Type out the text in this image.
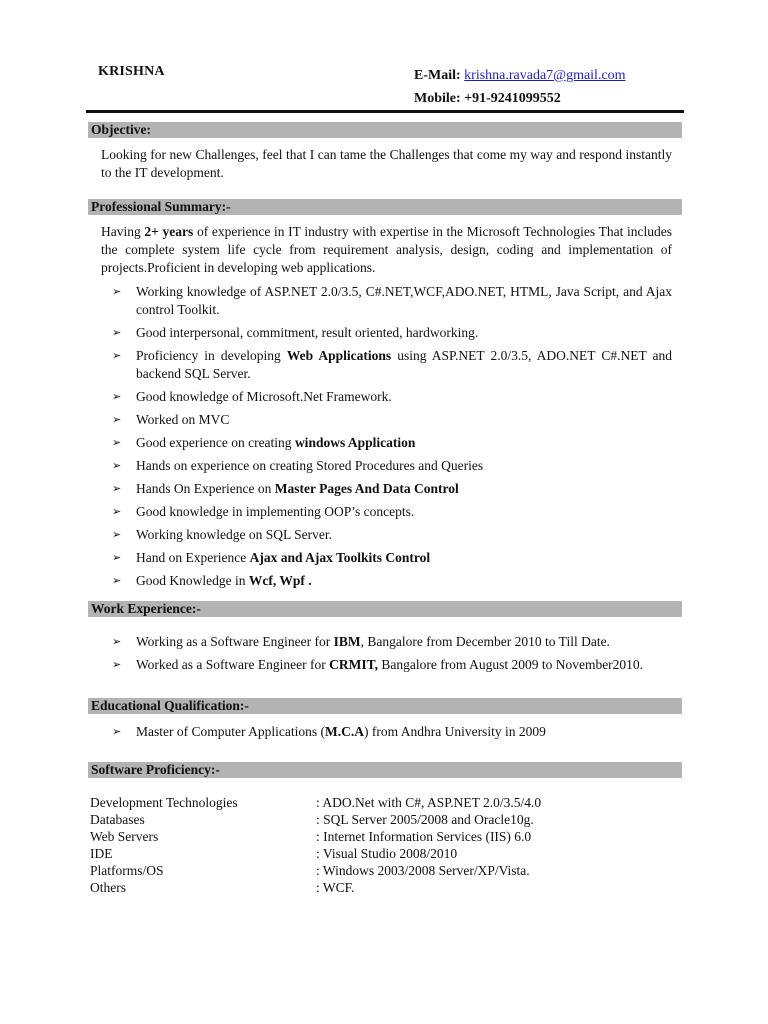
KRISHNA	E-Mail: krishna.ravada7@gmail.com
Mobile: +91-9241099552
Objective:
Looking for new Challenges, feel that I can tame the Challenges that come my way and respond instantly to the IT development.
Professional Summary:-
Having 2+ years of experience in IT industry with expertise in the Microsoft Technologies That includes the complete system life cycle from requirement analysis, design, coding and implementation of projects.Proficient in developing web applications.
➢ Working knowledge of ASP.NET 2.0/3.5, C#.NET,WCF,ADO.NET, HTML, Java Script, and Ajax control Toolkit.
➢ Good interpersonal, commitment, result oriented, hardworking.
➢ Proficiency in developing Web Applications using ASP.NET 2.0/3.5, ADO.NET C#.NET and backend SQL Server.
➢ Good knowledge of Microsoft.Net Framework.
➢ Worked on MVC
➢ Good experience on creating windows Application
➢ Hands on experience on creating Stored Procedures and Queries
➢ Hands On Experience on Master Pages And Data Control
➢ Good knowledge in implementing OOP’s concepts.
➢ Working knowledge on SQL Server.
➢ Hand on Experience Ajax and Ajax Toolkits Control
➢ Good Knowledge in Wcf, Wpf .
Work Experience:-
➢ Working as a Software Engineer for IBM, Bangalore from December 2010 to Till Date.
➢ Worked as a Software Engineer for CRMIT, Bangalore from August 2009 to November2010.
Educational Qualification:-
➢ Master of Computer Applications (M.C.A) from Andhra University in 2009
Software Proficiency:-
Development Technologies	: ADO.Net with C#, ASP.NET 2.0/3.5/4.0
Databases	: SQL Server 2005/2008 and Oracle10g.
Web Servers	: Internet Information Services (IIS) 6.0
IDE	: Visual Studio 2008/2010
Platforms/OS	: Windows 2003/2008 Server/XP/Vista.
Others	: WCF.
